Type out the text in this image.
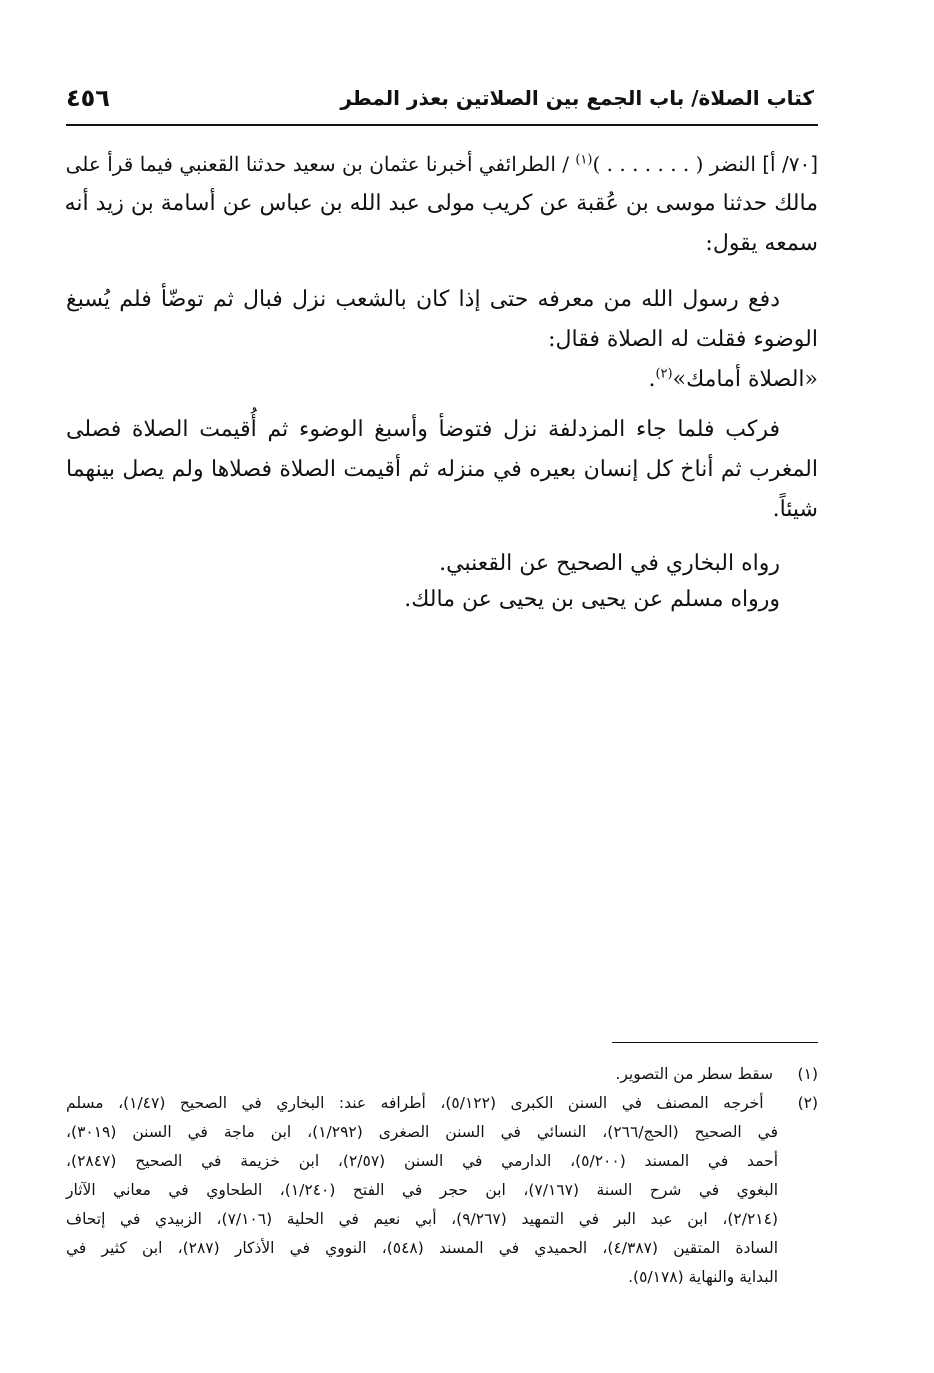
كتاب الصلاة/ باب الجمع بين الصلاتين بعذر المطر
٤٥٦
[٧٠/ أ] النضر ( . . . . . . . )$^{(١)}$ / الطرائفي أخبرنا عثمان بن سعيد حدثنا القعنبي فيما قرأ على
مالك حدثنا موسى بن عُقبة عن كريب مولى عبد الله بن عباس عن أسامة بن زيد أنه
سمعه يقول:
دفع رسول الله من معرفه حتى إذا كان بالشعب نزل فبال ثم توضّأ فلم يُسبغ
الوضوء فقلت له الصلاة فقال:
«الصلاة أمامك»$^{(٢)}$.
فركب فلما جاء المزدلفة نزل فتوضأ وأسبغ الوضوء ثم أُقيمت الصلاة فصلى
المغرب ثم أناخ كل إنسان بعيره في منزله ثم أقيمت الصلاة فصلاها ولم يصل بينهما
شيئاً.
رواه البخاري في الصحيح عن القعنبي.
ورواه مسلم عن يحيى بن يحيى عن مالك.
(١) سقط سطر من التصوير.
(٢) أخرجه المصنف في السنن الكبرى (٥/١٢٢)، أطرافه عند: البخاري في الصحيح (١/٤٧)، مسلم
في الصحيح (الحج/٢٦٦)، النسائي في السنن الصغرى (١/٢٩٢)، ابن ماجة في السنن (٣٠١٩)،
أحمد في المسند (٥/٢٠٠)، الدارمي في السنن (٢/٥٧)، ابن خزيمة في الصحيح (٢٨٤٧)،
البغوي في شرح السنة (٧/١٦٧)، ابن حجر في الفتح (١/٢٤٠)، الطحاوي في معاني الآثار
(٢/٢١٤)، ابن عبد البر في التمهيد (٩/٢٦٧)، أبي نعيم في الحلية (٧/١٠٦)، الزبيدي في إتحاف
السادة المتقين (٤/٣٨٧)، الحميدي في المسند (٥٤٨)، النووي في الأذكار (٢٨٧)، ابن كثير في
البداية والنهاية (٥/١٧٨).
